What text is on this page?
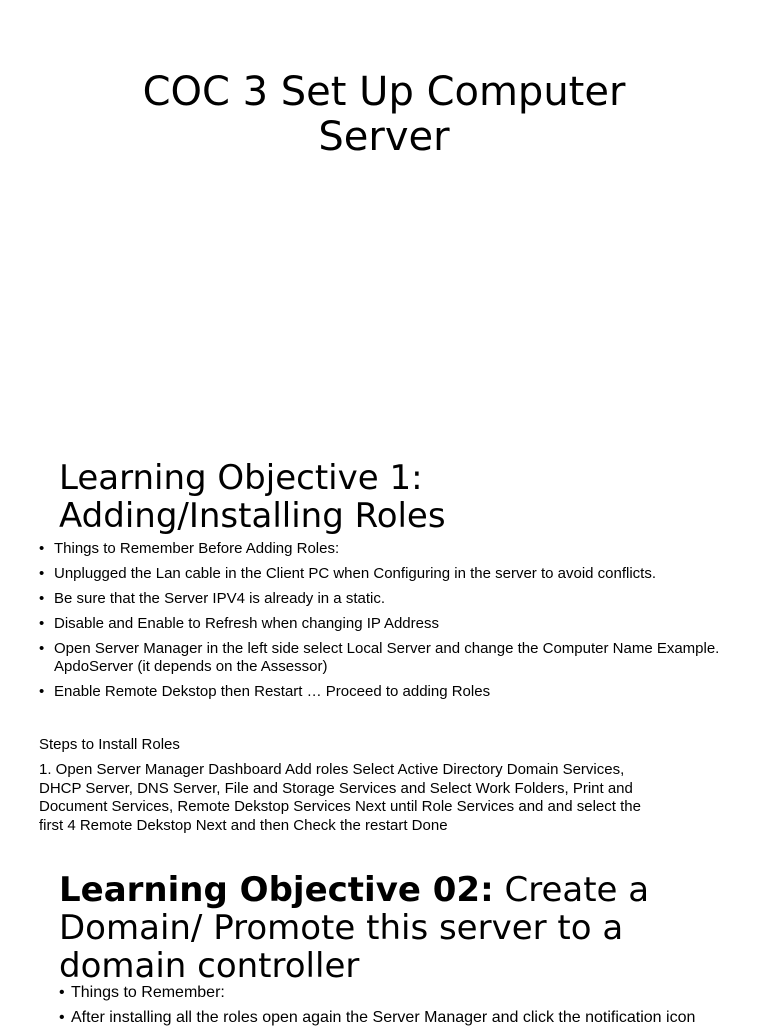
COC 3 Set Up Computer
Server
Learning Objective 1:
Adding/Installing Roles
• Things to Remember Before Adding Roles:
• Unplugged the Lan cable in the Client PC when Configuring in the server to avoid conflicts.
• Be sure that the Server IPV4 is already in a static.
• Disable and Enable to Refresh when changing IP Address
• Open Server Manager in the left side select Local Server and change the Computer Name Example. ApdoServer (it depends on the Assessor)
• Enable Remote Dekstop then Restart … Proceed to adding Roles
Steps to Install Roles
1. Open Server Manager Dashboard Add roles Select Active Directory Domain Services,
DHCP Server, DNS Server, File and Storage Services and Select Work Folders, Print and
Document Services, Remote Dekstop Services Next until Role Services and and select the
first 4 Remote Dekstop Next and then Check the restart Done
Learning Objective 02: Create a
Domain/ Promote this server to a
domain controller
• Things to Remember:
• After installing all the roles open again the Server Manager and click the notification icon
